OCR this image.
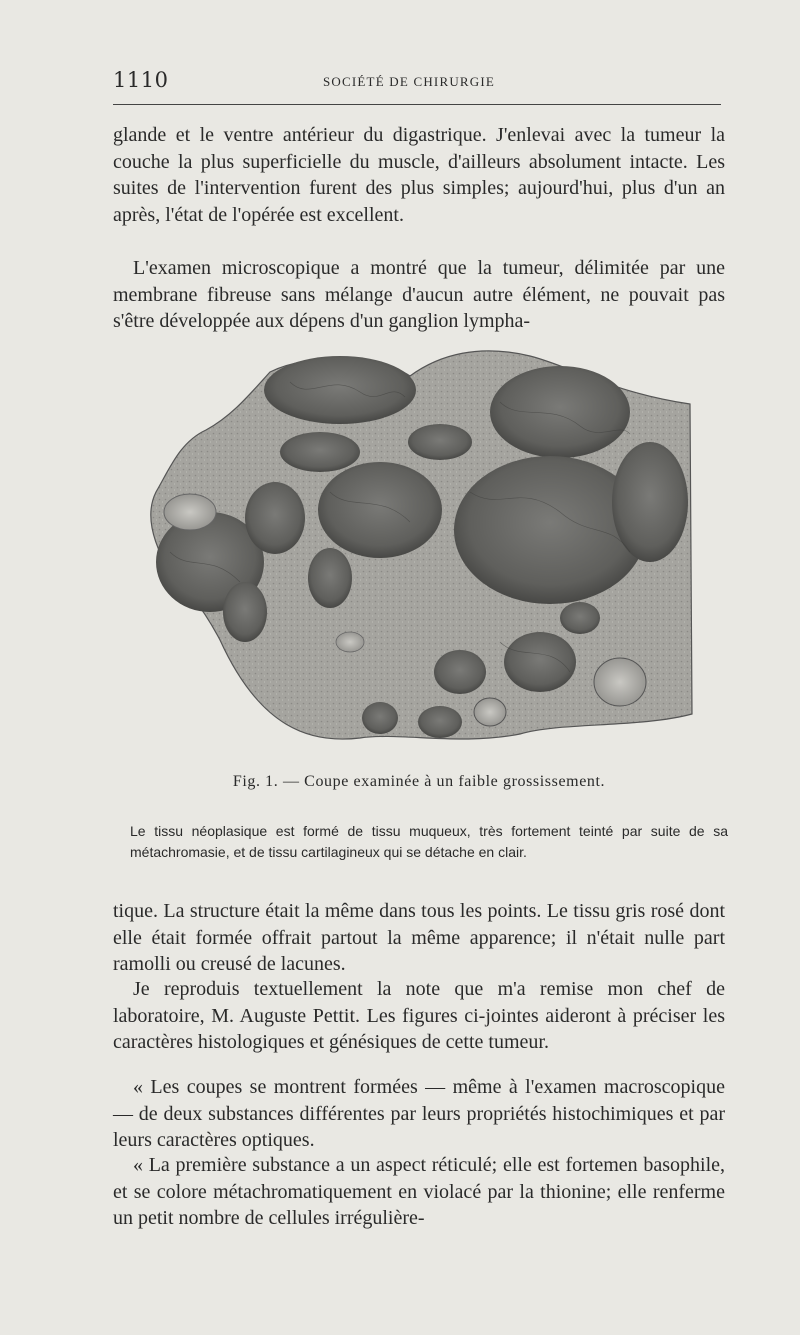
1110	SOCIÉTÉ DE CHIRURGIE

glande et le ventre antérieur du digastrique. J'enlevai avec la tumeur la couche la plus superficielle du muscle, d'ailleurs absolument intacte. Les suites de l'intervention furent des plus simples; aujourd'hui, plus d'un an après, l'état de l'opérée est excellent.

L'examen microscopique a montré que la tumeur, délimitée par une membrane fibreuse sans mélange d'aucun autre élément, ne pouvait pas s'être développée aux dépens d'un ganglion lympha-

Fig. 1. — Coupe examinée à un faible grossissement.

Le tissu néoplasique est formé de tissu muqueux, très fortement teinté par suite de sa métachromasie, et de tissu cartilagineux qui se détache en clair.

tique. La structure était la même dans tous les points. Le tissu gris rosé dont elle était formée offrait partout la même apparence; il n'était nulle part ramolli ou creusé de lacunes.

Je reproduis textuellement la note que m'a remise mon chef de laboratoire, M. Auguste Pettit. Les figures ci-jointes aideront à préciser les caractères histologiques et génésiques de cette tumeur.

« Les coupes se montrent formées — même à l'examen macroscopique — de deux substances différentes par leurs propriétés histochimiques et par leurs caractères optiques.

« La première substance a un aspect réticulé; elle est fortemen basophile, et se colore métachromatiquement en violacé par la thionine; elle renferme un petit nombre de cellules irrégulière-
